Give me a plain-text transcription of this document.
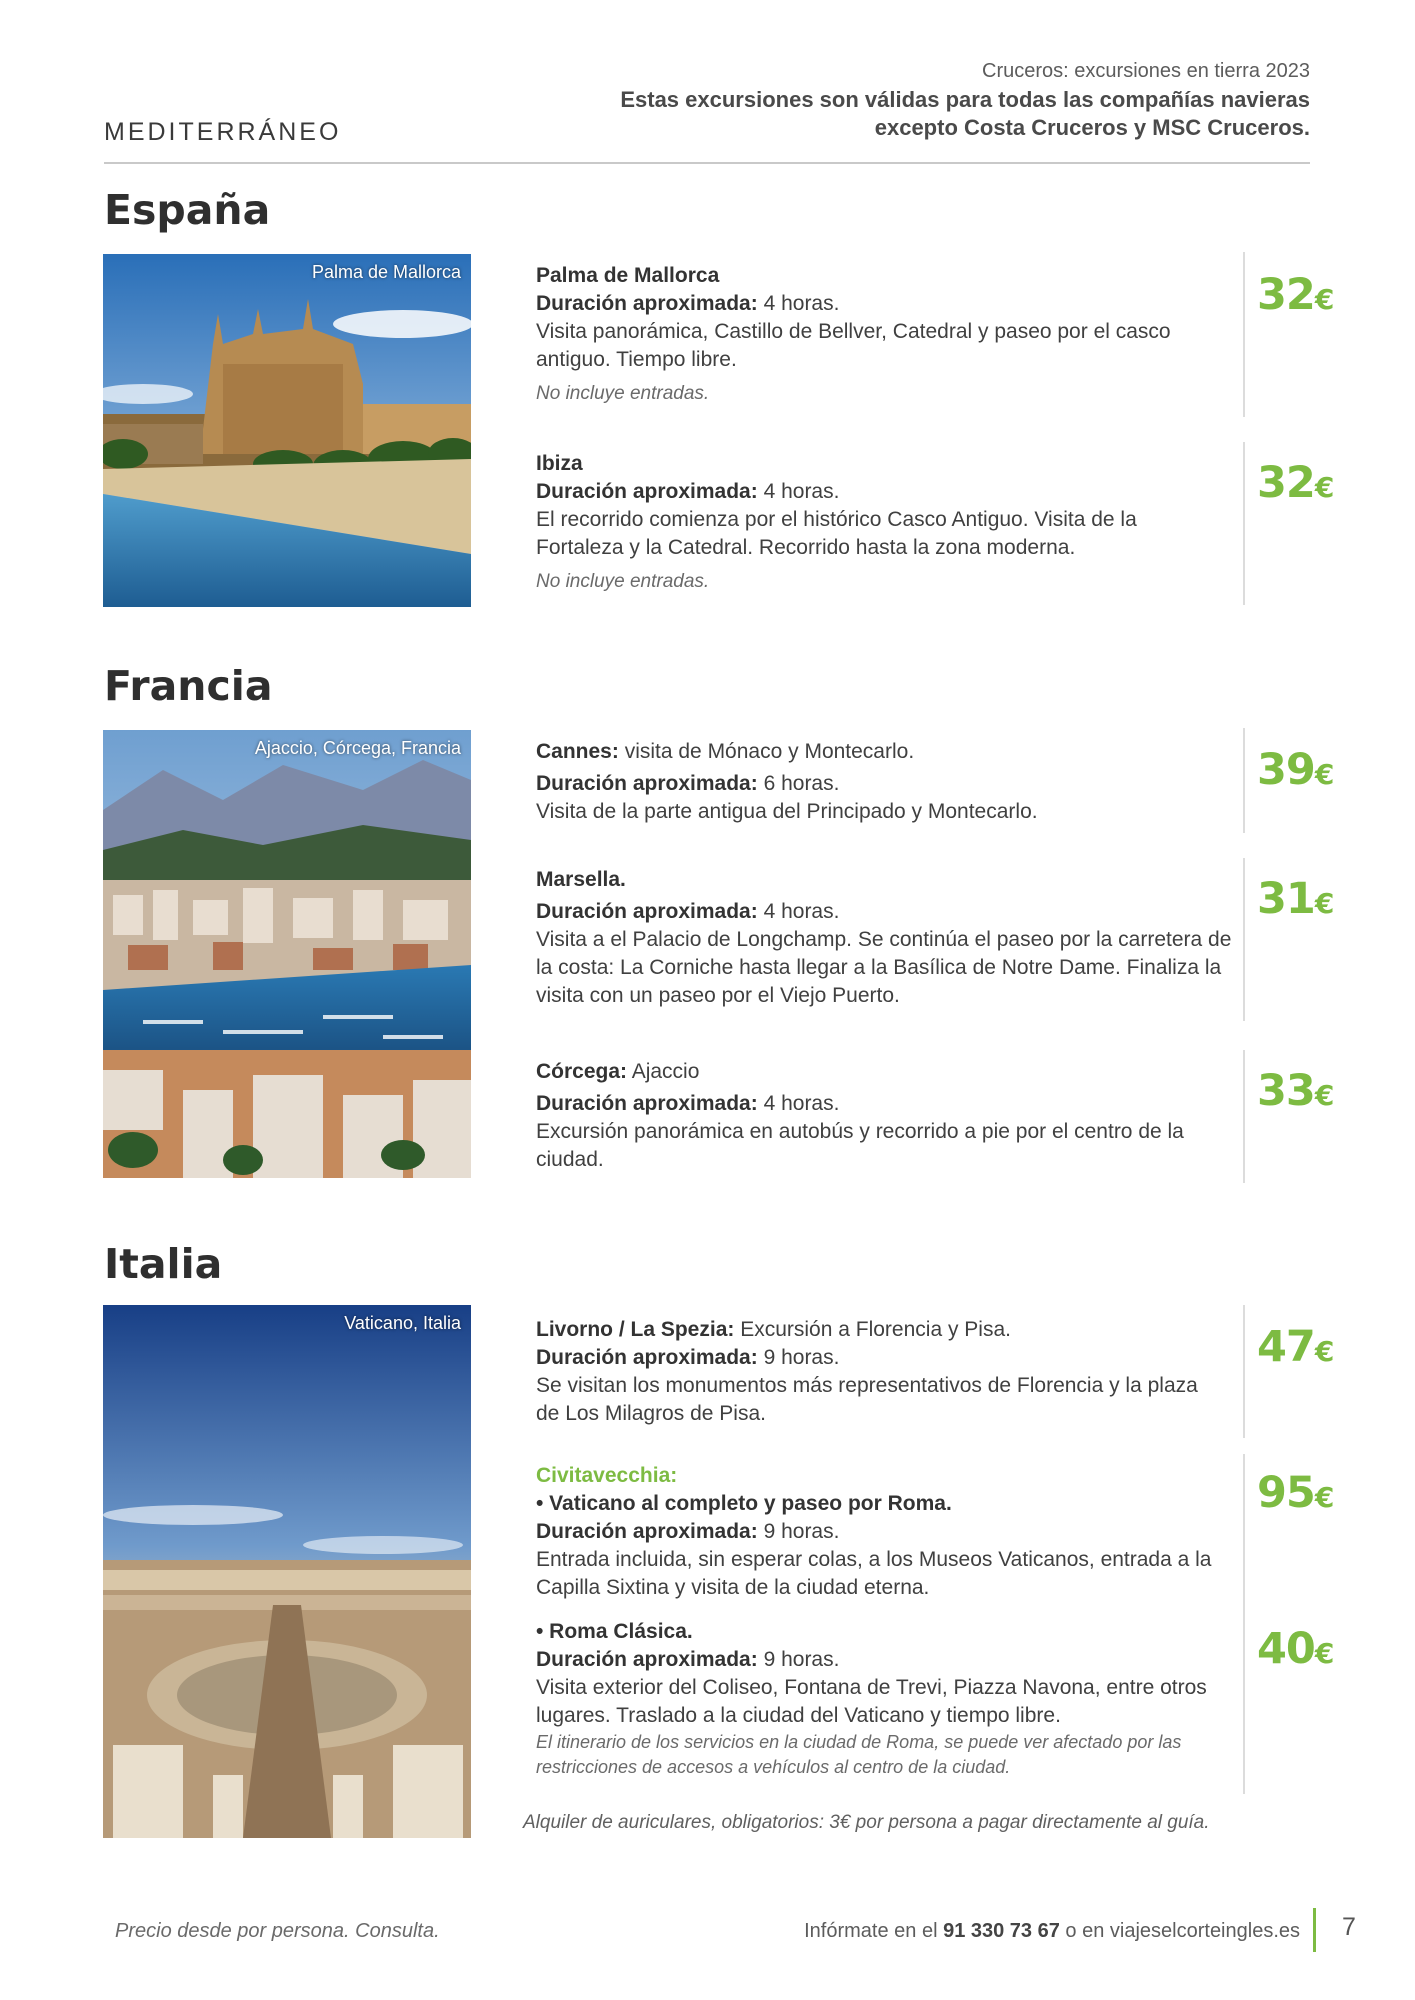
Cruceros: excursiones en tierra 2023
Estas excursiones son válidas para todas las compañías navieras
excepto Costa Cruceros y MSC Cruceros.
MEDITERRÁNEO
España
Palma de Mallorca	Palma de Mallorca
Duración aproximada: 4 horas.
Visita panorámica, Castillo de Bellver, Catedral y paseo por el casco antiguo. Tiempo libre.
No incluye entradas.
32€
Ibiza
Duración aproximada: 4 horas.
El recorrido comienza por el histórico Casco Antiguo. Visita de la Fortaleza y la Catedral. Recorrido hasta la zona moderna.
No incluye entradas.
32€
Francia
Ajaccio, Córcega, Francia	Cannes: visita de Mónaco y Montecarlo.
Duración aproximada: 6 horas.
Visita de la parte antigua del Principado y Montecarlo.
39€
Marsella.
Duración aproximada: 4 horas.
Visita a el Palacio de Longchamp. Se continúa el paseo por la carretera de la costa: La Corniche hasta llegar a la Basílica de Notre Dame. Finaliza la visita con un paseo por el Viejo Puerto.
31€
Córcega: Ajaccio
Duración aproximada: 4 horas.
Excursión panorámica en autobús y recorrido a pie por el centro de la ciudad.
33€
Italia
Vaticano, Italia	Livorno / La Spezia: Excursión a Florencia y Pisa.
Duración aproximada: 9 horas.
Se visitan los monumentos más representativos de Florencia y la plaza de Los Milagros de Pisa.
47€
Civitavecchia:
• Vaticano al completo y paseo por Roma.
Duración aproximada: 9 horas.
Entrada incluida, sin esperar colas, a los Museos Vaticanos, entrada a la Capilla Sixtina y visita de la ciudad eterna.
95€
• Roma Clásica.
Duración aproximada: 9 horas.
Visita exterior del Coliseo, Fontana de Trevi, Piazza Navona, entre otros lugares. Traslado a la ciudad del Vaticano y tiempo libre.
El itinerario de los servicios en la ciudad de Roma, se puede ver afectado por las restricciones de accesos a vehículos al centro de la ciudad.
40€
Alquiler de auriculares, obligatorios: 3€ por persona a pagar directamente al guía.
Precio desde por persona. Consulta.	Infórmate en el 91 330 73 67 o en viajeselcorteingles.es 7
